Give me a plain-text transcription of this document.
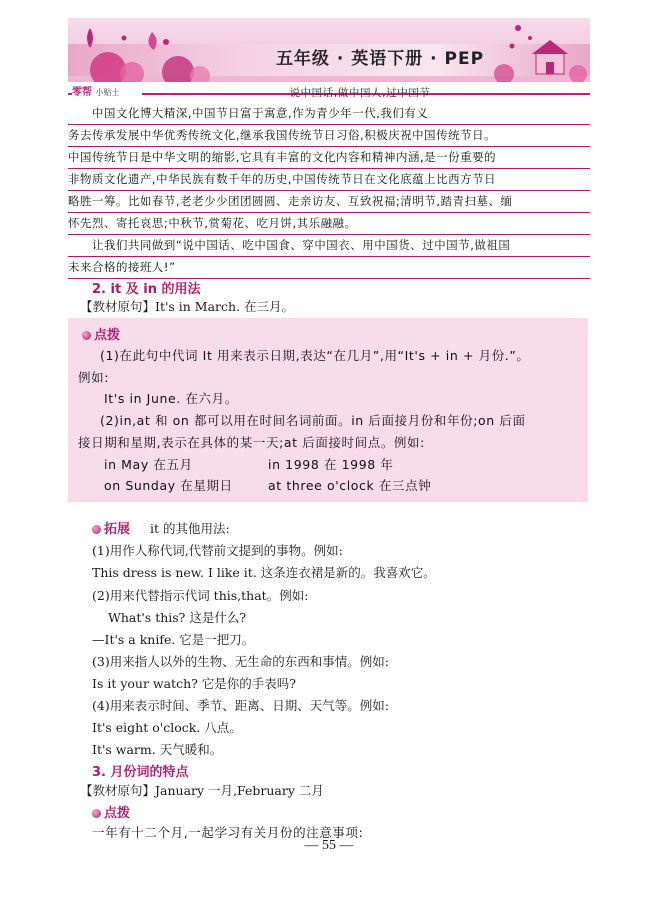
五年级 · 英语下册 · PEP
零帮 小贴士	说中国话,做中国人,过中国节
　　中国文化博大精深,中国节日富于寓意,作为青少年一代,我们有义
务去传承发展中华优秀传统文化,继承我国传统节日习俗,积极庆祝中国传统节日。
中国传统节日是中华文明的缩影,它具有丰富的文化内容和精神内涵,是一份重要的
非物质文化遗产,中华民族有数千年的历史,中国传统节日在文化底蕴上比西方节日
略胜一筹。比如春节,老老少少团团圆圆、走亲访友、互致祝福;清明节,踏青扫墓、缅
怀先烈、寄托哀思;中秋节,赏菊花、吃月饼,其乐融融。
　　让我们共同做到“说中国话、吃中国食、穿中国衣、用中国货、过中国节,做祖国
未来合格的接班人!”
2. it 及 in 的用法
【教材原句】It's in March. 在三月。
点拨
(1)在此句中代词 It 用来表示日期,表达“在几月”,用“It's + in + 月份.”。
例如:
It's in June. 在六月。
(2)in,at 和 on 都可以用在时间名词前面。in 后面接月份和年份;on 后面
接日期和星期,表示在具体的某一天;at 后面接时间点。例如:
in May 在五月	in 1998 在 1998 年
on Sunday 在星期日	at three o'clock 在三点钟
拓展 it 的其他用法:
(1)用作人称代词,代替前文提到的事物。例如:
This dress is new. I like it. 这条连衣裙是新的。我喜欢它。
(2)用来代替指示代词 this,that。例如:
What's this? 这是什么?
—It's a knife. 它是一把刀。
(3)用来指人以外的生物、无生命的东西和事情。例如:
Is it your watch? 它是你的手表吗?
(4)用来表示时间、季节、距离、日期、天气等。例如:
It's eight o'clock. 八点。
It's warm. 天气暖和。
3. 月份词的特点
【教材原句】January 一月,February 二月
点拨
一年有十二个月,一起学习有关月份的注意事项:
— 55 —
